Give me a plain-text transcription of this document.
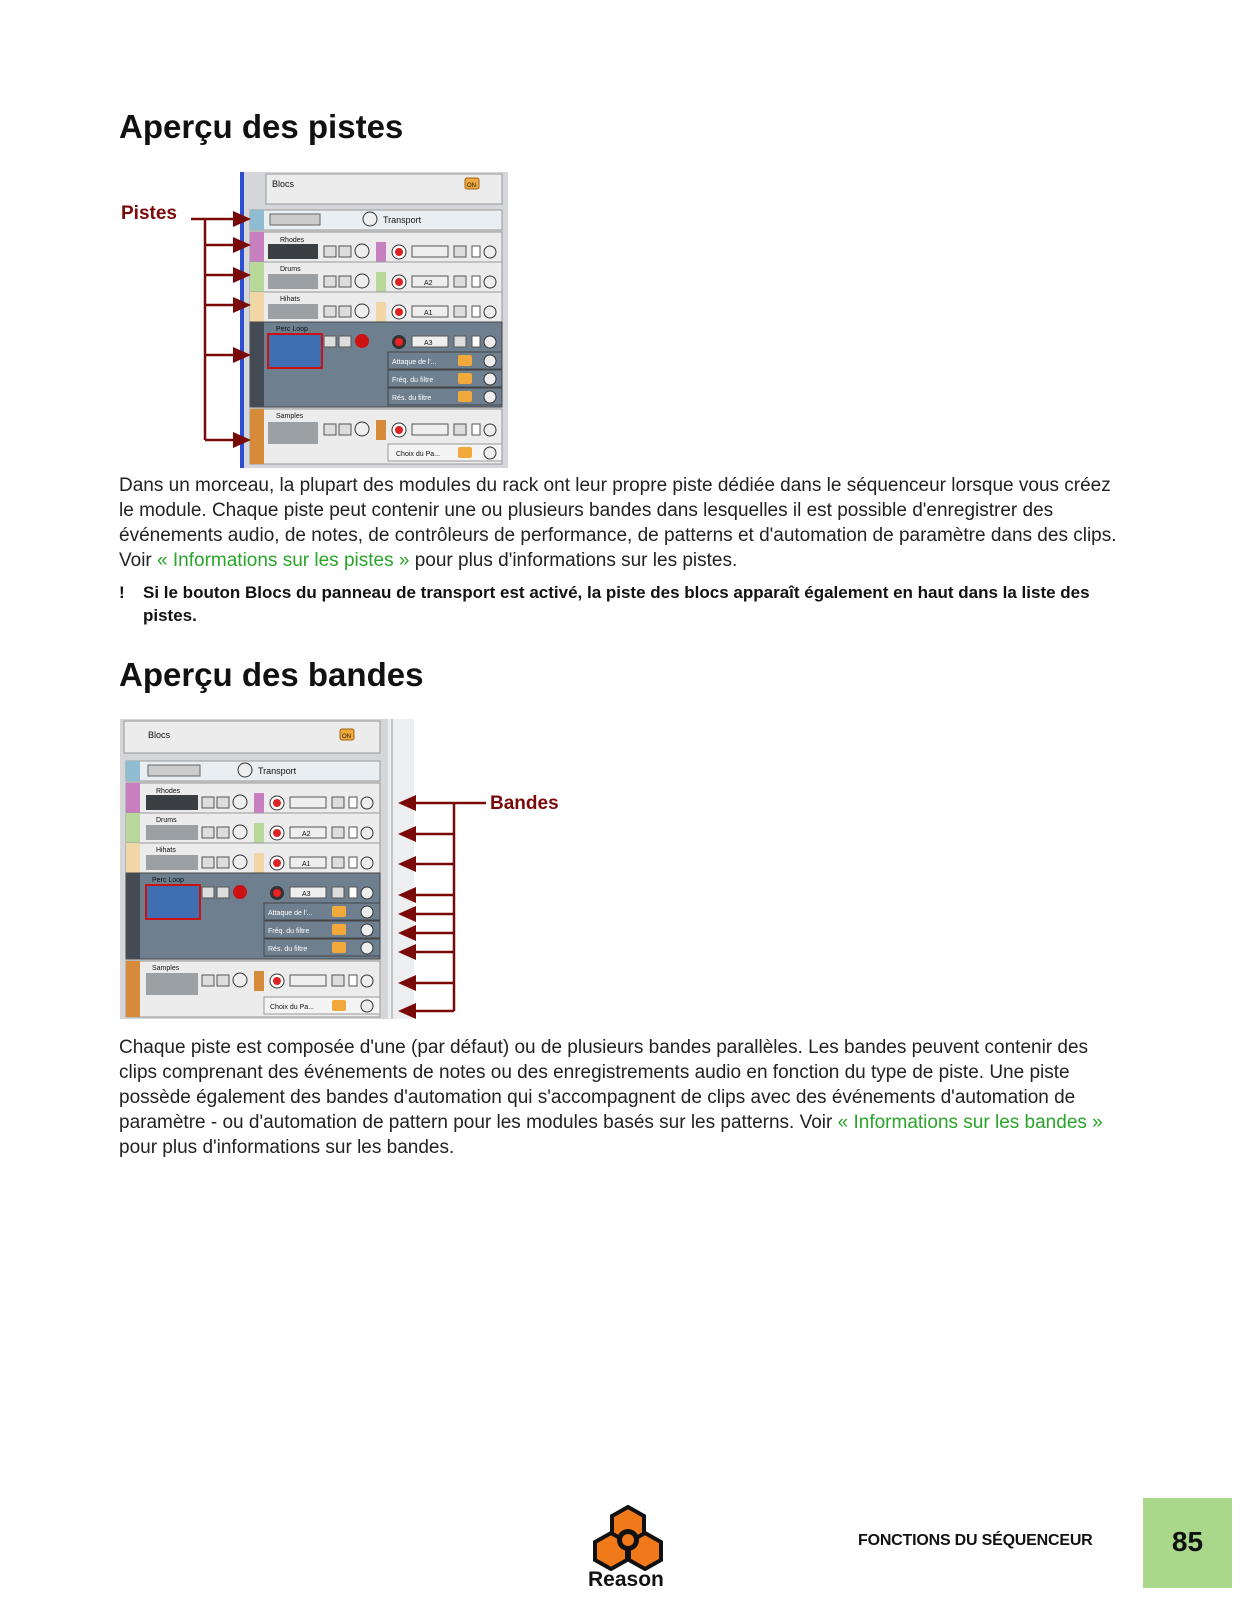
Aperçu des pistes
Pistes
Blocs	ON
Transport
Rhodes
Drums
A2
Hihats
A1
Perc Loop
A3
Attaque de l'...
Fréq. du filtre
Rés. du filtre
Samples
Choix du Pa...

Dans un morceau, la plupart des modules du rack ont leur propre piste dédiée dans le séquenceur lorsque vous créez le module. Chaque piste peut contenir une ou plusieurs bandes dans lesquelles il est possible d'enregistrer des événements audio, de notes, de contrôleurs de performance, de patterns et d'automation de paramètre dans des clips. Voir « Informations sur les pistes » pour plus d'informations sur les pistes.

! Si le bouton Blocs du panneau de transport est activé, la piste des blocs apparaît également en haut dans la liste des pistes.
Aperçu des bandes
Blocs	ON
Transport
Rhodes
Drums
A2
Hihats
A1
Perc Loop
A3
Attaque de l'...
Fréq. du filtre
Rés. du filtre
Samples
Choix du Pa...
Bandes

Chaque piste est composée d'une (par défaut) ou de plusieurs bandes parallèles. Les bandes peuvent contenir des clips comprenant des événements de notes ou des enregistrements audio en fonction du type de piste. Une piste possède également des bandes d'automation qui s'accompagnent de clips avec des événements d'automation de paramètre - ou d'automation de pattern pour les modules basés sur les patterns. Voir « Informations sur les bandes » pour plus d'informations sur les bandes.

Reason
FONCTIONS DU SÉQUENCEUR	85
